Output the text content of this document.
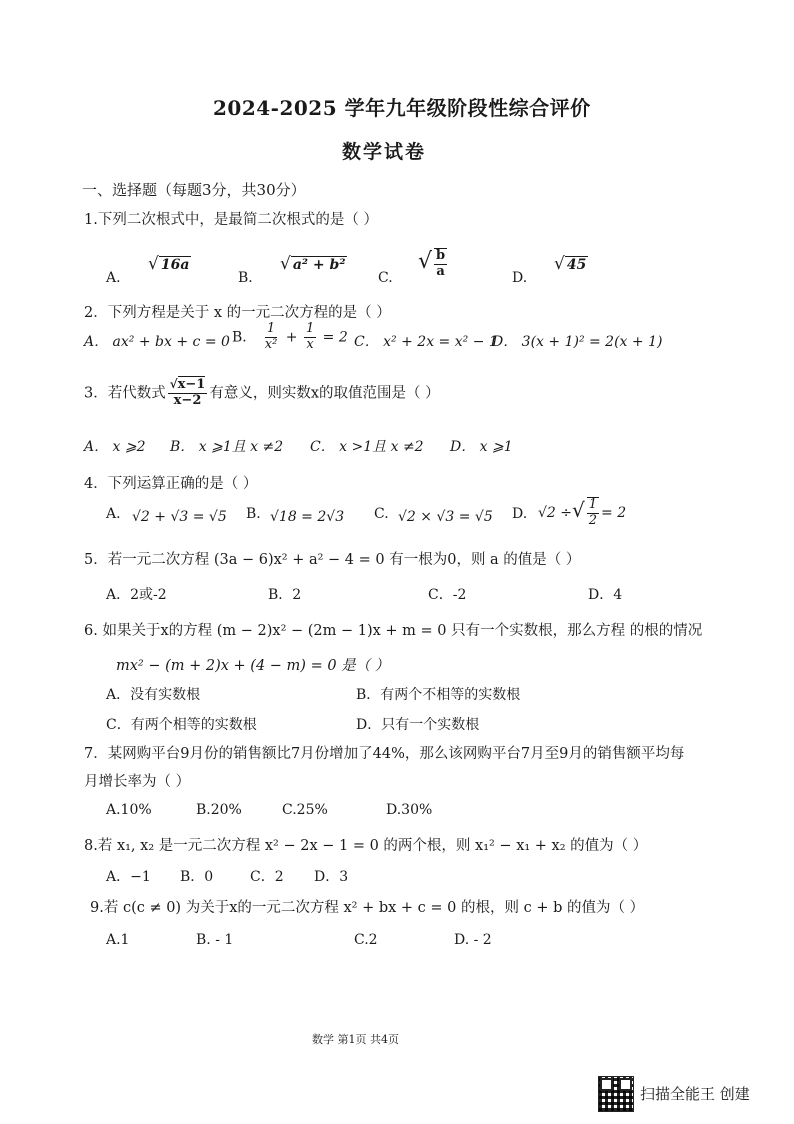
2024-2025 学年九年级阶段性综合评价
数学试卷
一、选择题（每题3分，共30分）
1.下列二次根式中，是最简二次根式的是（ ）
A.
√ 16a
B.
√ a² + b²
C.
√ $\frac{b}{a}$	D.
√ 45
2．下列方程是关于 x 的一元二次方程的是（ ）
A． ax² + bx + c = 0 B． $\frac{1}{\text{x²}} + \frac{1}{x} = 2$ C． x² + 2x = x² − 1
D． 3(x + 1)² = 2(x + 1)
3．若代数式 $\frac{√x-1}{x-2}$ 有意义，则实数x的取值范围是（ ）
A． x ⩾2 B． x ⩾1且 x ≠2 C． x >1且 x ≠2 D． x ⩾1
4．下列运算正确的是（ ）
A. √2 + √3 = √5 B. √18 = 2√3 C. √2 × √3 = √5 D. √2 ÷√ $\frac{1}{2} = 2$
5．若一元二次方程 (3a − 6)x² + a² − 4 = 0 有一根为0，则 a 的值是（ ）
A．2或-2	B．2	C．-2	D．4
6. 如果关于x的方程 (m − 2)x² − (2m − 1)x + m = 0 只有一个实数根，那么方程 的根的情况
mx² − (m + 2)x + (4 − m) = 0 是（ ）
A．没有实数根	B．有两个不相等的实数根
C．有两个相等的实数根	D．只有一个实数根
7．某网购平台9月份的销售额比7月份增加了44%，那么该网购平台7月至9月的销售额平均每
月增长率为（ ）
A.10%	B.20%	C.25%	D.30%
8.若 x₁, x₂ 是一元二次方程 x² − 2x − 1 = 0 的两个根，则 x₁² − x₁ + x₂ 的值为（ ）
A．−1 B．0	C．2 D．3
9.若 c(c ≠ 0) 为关于x的一元二次方程 x² + bx + c = 0 的根，则 c + b 的值为（ ）
A.1	B. - 1	C.2	D. - 2
数学 第1页 共4页
扫描全能王 创建
